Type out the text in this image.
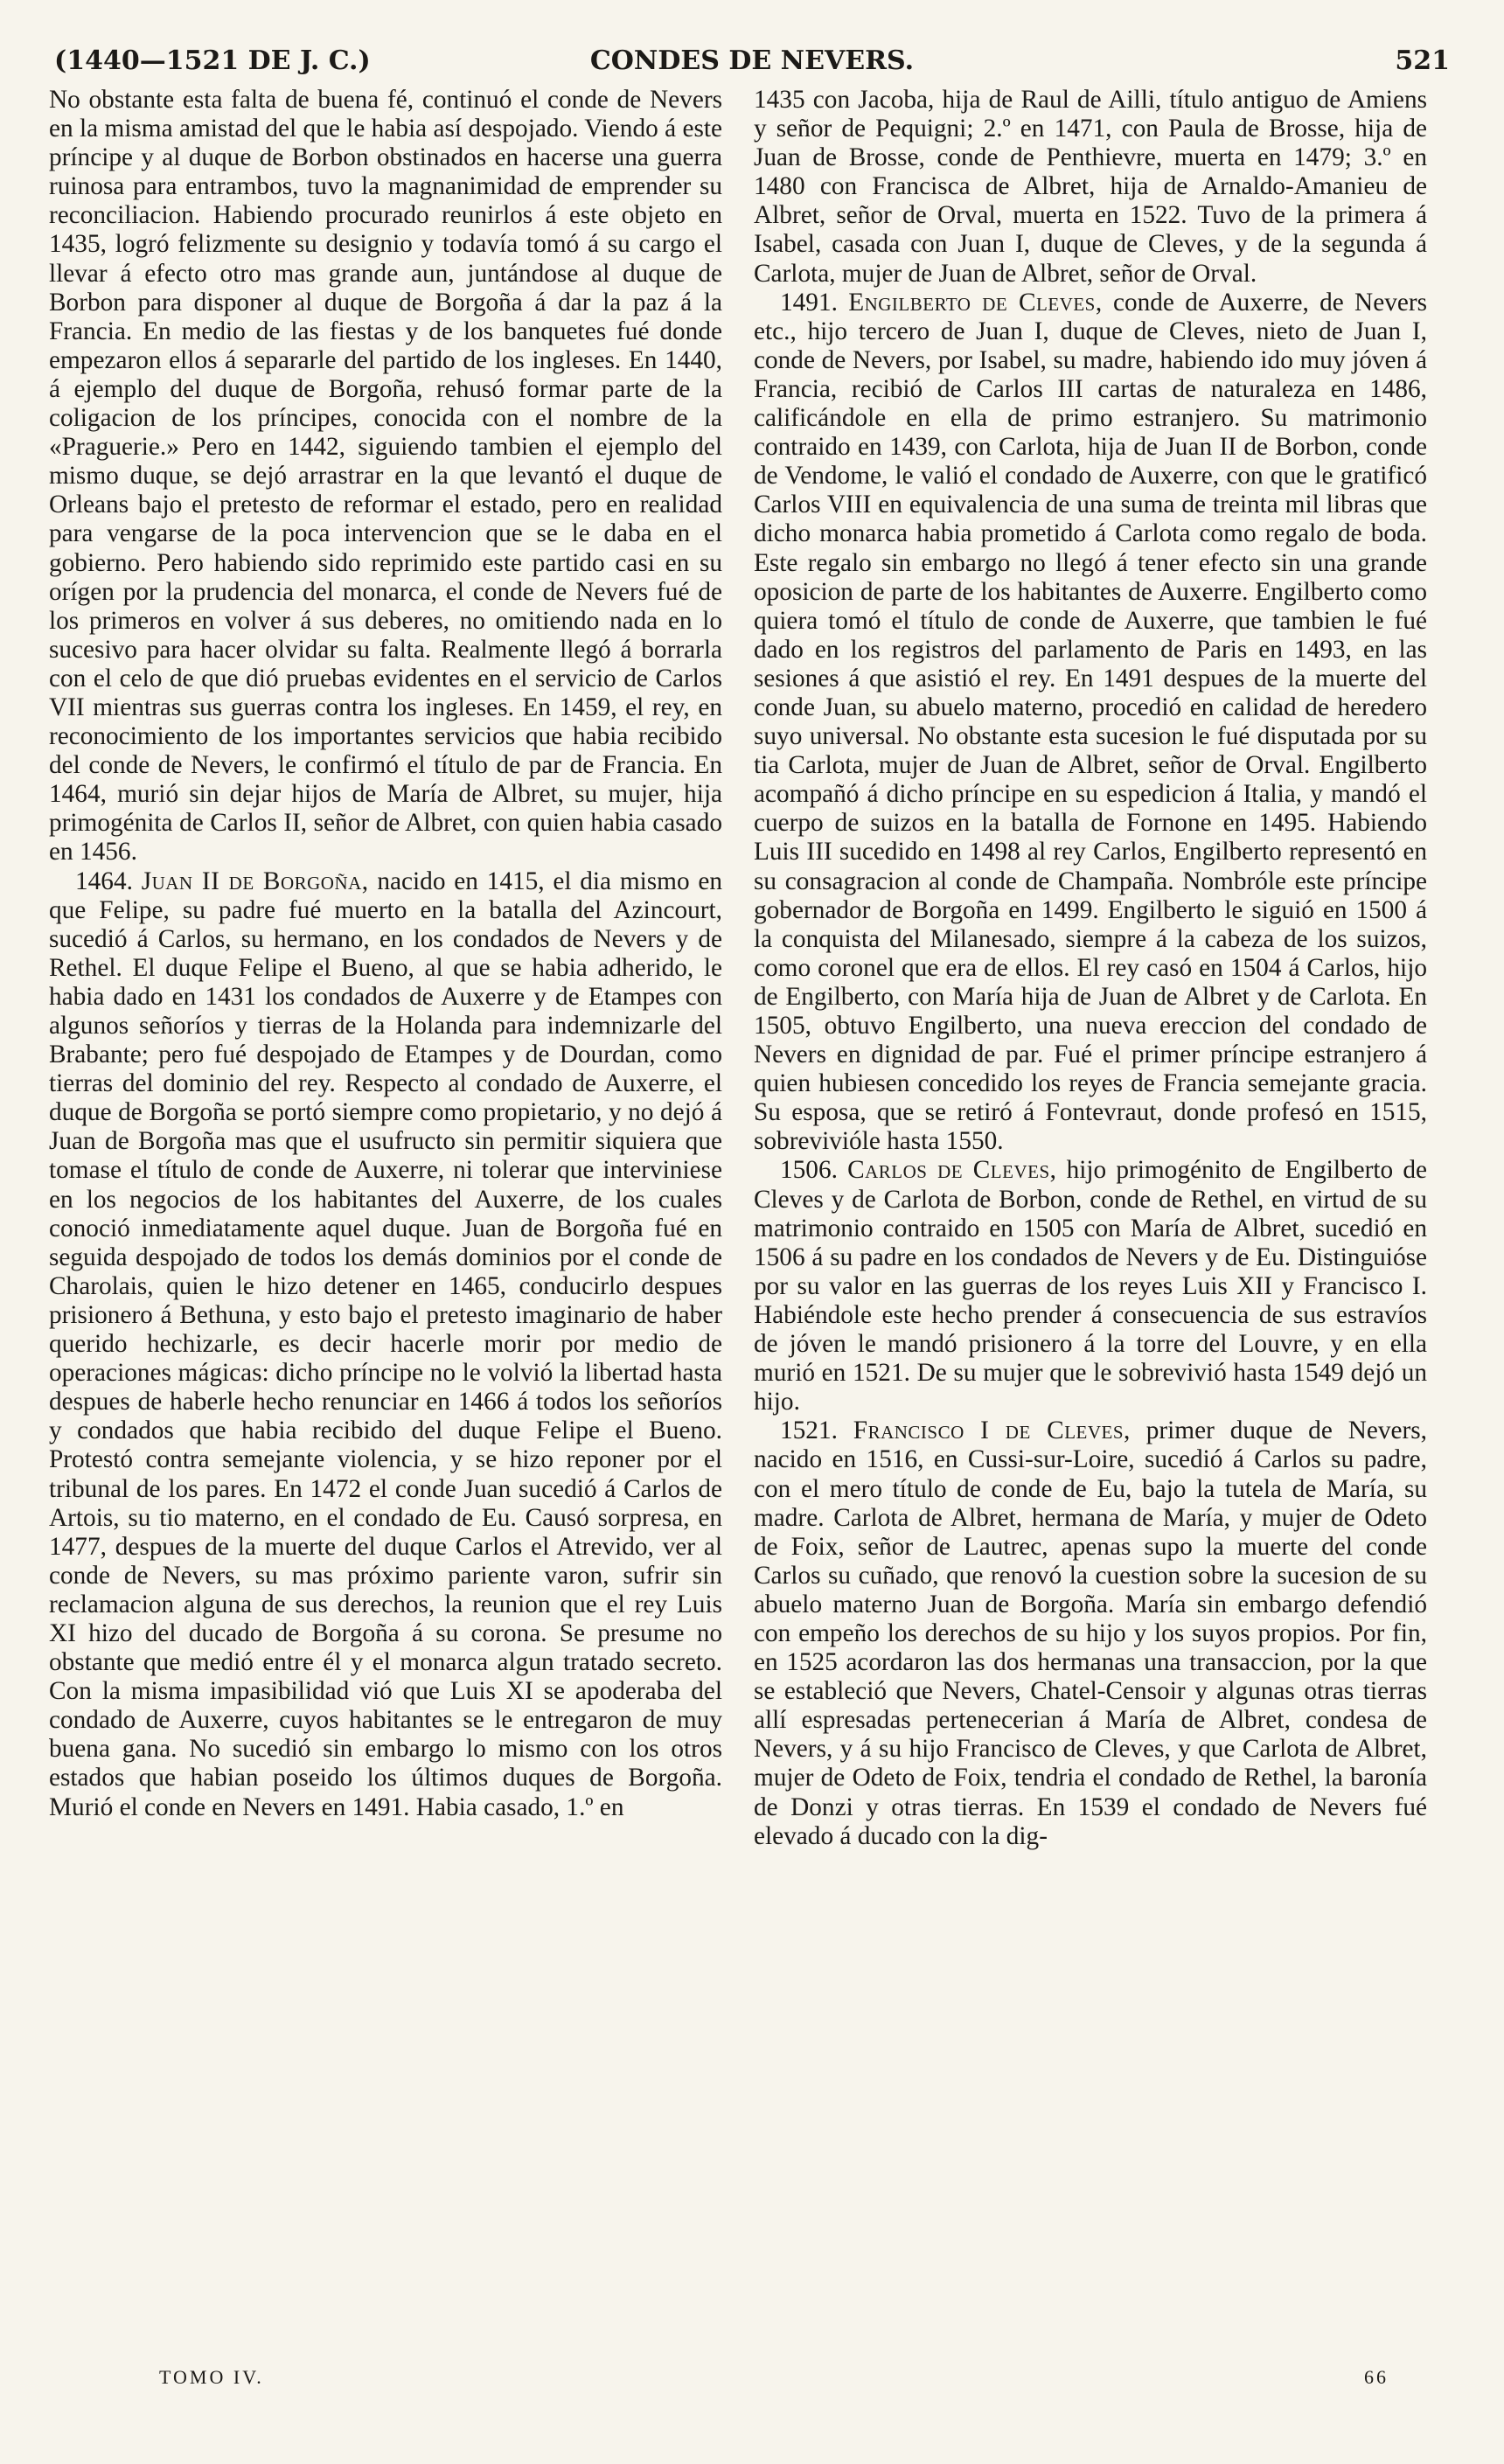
(1440—1521 DE J. C.)	CONDES DE NEVERS.	521

No obstante esta falta de buena fé, continuó el conde de Nevers en la misma amistad del que le habia así despojado. Viendo á este príncipe y al duque de Borbon obstinados en hacerse una guerra ruinosa para entrambos, tuvo la magnanimidad de emprender su reconciliacion. Habiendo procurado reunirlos á este objeto en 1435, logró felizmente su designio y todavía tomó á su cargo el llevar á efecto otro mas grande aun, juntándose al duque de Borbon para disponer al duque de Borgoña á dar la paz á la Francia. En medio de las fiestas y de los banquetes fué donde empezaron ellos á separarle del partido de los ingleses. En 1440, á ejemplo del duque de Borgoña, rehusó formar parte de la coligacion de los príncipes, conocida con el nombre de la «Praguerie.» Pero en 1442, siguiendo tambien el ejemplo del mismo duque, se dejó arrastrar en la que levantó el duque de Orleans bajo el pretesto de reformar el estado, pero en realidad para vengarse de la poca intervencion que se le daba en el gobierno. Pero habiendo sido reprimido este partido casi en su orígen por la prudencia del monarca, el conde de Nevers fué de los primeros en volver á sus deberes, no omitiendo nada en lo sucesivo para hacer olvidar su falta. Realmente llegó á borrarla con el celo de que dió pruebas evidentes en el servicio de Carlos VII mientras sus guerras contra los ingleses. En 1459, el rey, en reconocimiento de los importantes servicios que habia recibido del conde de Nevers, le confirmó el título de par de Francia. En 1464, murió sin dejar hijos de María de Albret, su mujer, hija primogénita de Carlos II, señor de Albret, con quien habia casado en 1456.

1464. Juan II de Borgoña, nacido en 1415, el dia mismo en que Felipe, su padre fué muerto en la batalla del Azincourt, sucedió á Carlos, su hermano, en los condados de Nevers y de Rethel. El duque Felipe el Bueno, al que se habia adherido, le habia dado en 1431 los condados de Auxerre y de Etampes con algunos señoríos y tierras de la Holanda para indemnizarle del Brabante; pero fué despojado de Etampes y de Dourdan, como tierras del dominio del rey. Respecto al condado de Auxerre, el duque de Borgoña se portó siempre como propietario, y no dejó á Juan de Borgoña mas que el usufructo sin permitir siquiera que tomase el título de conde de Auxerre, ni tolerar que interviniese en los negocios de los habitantes del Auxerre, de los cuales conoció inmediatamente aquel duque. Juan de Borgoña fué en seguida despojado de todos los demás dominios por el conde de Charolais, quien le hizo detener en 1465, conducirlo despues prisionero á Bethuna, y esto bajo el pretesto imaginario de haber querido hechizarle, es decir hacerle morir por medio de operaciones mágicas: dicho príncipe no le volvió la libertad hasta despues de haberle hecho renunciar en 1466 á todos los señoríos y condados que habia recibido del duque Felipe el Bueno. Protestó contra semejante violencia, y se hizo reponer por el tribunal de los pares. En 1472 el conde Juan sucedió á Carlos de Artois, su tio materno, en el condado de Eu. Causó sorpresa, en 1477, despues de la muerte del duque Carlos el Atrevido, ver al conde de Nevers, su mas próximo pariente varon, sufrir sin reclamacion alguna de sus derechos, la reunion que el rey Luis XI hizo del ducado de Borgoña á su corona. Se presume no obstante que medió entre él y el monarca algun tratado secreto. Con la misma impasibilidad vió que Luis XI se apoderaba del condado de Auxerre, cuyos habitantes se le entregaron de muy buena gana. No sucedió sin embargo lo mismo con los otros estados que habian poseido los últimos duques de Borgoña. Murió el conde en Nevers en 1491. Habia casado, 1.º en

1435 con Jacoba, hija de Raul de Ailli, título antiguo de Amiens y señor de Pequigni; 2.º en 1471, con Paula de Brosse, hija de Juan de Brosse, conde de Penthievre, muerta en 1479; 3.º en 1480 con Francisca de Albret, hija de Arnaldo-Amanieu de Albret, señor de Orval, muerta en 1522. Tuvo de la primera á Isabel, casada con Juan I, duque de Cleves, y de la segunda á Carlota, mujer de Juan de Albret, señor de Orval.

1491. Engilberto de Cleves, conde de Auxerre, de Nevers etc., hijo tercero de Juan I, duque de Cleves, nieto de Juan I, conde de Nevers, por Isabel, su madre, habiendo ido muy jóven á Francia, recibió de Carlos III cartas de naturaleza en 1486, calificándole en ella de primo estranjero. Su matrimonio contraido en 1439, con Carlota, hija de Juan II de Borbon, conde de Vendome, le valió el condado de Auxerre, con que le gratificó Carlos VIII en equivalencia de una suma de treinta mil libras que dicho monarca habia prometido á Carlota como regalo de boda. Este regalo sin embargo no llegó á tener efecto sin una grande oposicion de parte de los habitantes de Auxerre. Engilberto como quiera tomó el título de conde de Auxerre, que tambien le fué dado en los registros del parlamento de Paris en 1493, en las sesiones á que asistió el rey. En 1491 despues de la muerte del conde Juan, su abuelo materno, procedió en calidad de heredero suyo universal. No obstante esta sucesion le fué disputada por su tia Carlota, mujer de Juan de Albret, señor de Orval. Engilberto acompañó á dicho príncipe en su espedicion á Italia, y mandó el cuerpo de suizos en la batalla de Fornone en 1495. Habiendo Luis III sucedido en 1498 al rey Carlos, Engilberto representó en su consagracion al conde de Champaña. Nombróle este príncipe gobernador de Borgoña en 1499. Engilberto le siguió en 1500 á la conquista del Milanesado, siempre á la cabeza de los suizos, como coronel que era de ellos. El rey casó en 1504 á Carlos, hijo de Engilberto, con María hija de Juan de Albret y de Carlota. En 1505, obtuvo Engilberto, una nueva ereccion del condado de Nevers en dignidad de par. Fué el primer príncipe estranjero á quien hubiesen concedido los reyes de Francia semejante gracia. Su esposa, que se retiró á Fontevraut, donde profesó en 1515, sobrevivióle hasta 1550.

1506. Carlos de Cleves, hijo primogénito de Engilberto de Cleves y de Carlota de Borbon, conde de Rethel, en virtud de su matrimonio contraido en 1505 con María de Albret, sucedió en 1506 á su padre en los condados de Nevers y de Eu. Distinguióse por su valor en las guerras de los reyes Luis XII y Francisco I. Habiéndole este hecho prender á consecuencia de sus estravíos de jóven le mandó prisionero á la torre del Louvre, y en ella murió en 1521. De su mujer que le sobrevivió hasta 1549 dejó un hijo.

1521. Francisco I de Cleves, primer duque de Nevers, nacido en 1516, en Cussi-sur-Loire, sucedió á Carlos su padre, con el mero título de conde de Eu, bajo la tutela de María, su madre. Carlota de Albret, hermana de María, y mujer de Odeto de Foix, señor de Lautrec, apenas supo la muerte del conde Carlos su cuñado, que renovó la cuestion sobre la sucesion de su abuelo materno Juan de Borgoña. María sin embargo defendió con empeño los derechos de su hijo y los suyos propios. Por fin, en 1525 acordaron las dos hermanas una transaccion, por la que se estableció que Nevers, Chatel-Censoir y algunas otras tierras allí espresadas pertenecerian á María de Albret, condesa de Nevers, y á su hijo Francisco de Cleves, y que Carlota de Albret, mujer de Odeto de Foix, tendria el condado de Rethel, la baronía de Donzi y otras tierras. En 1539 el condado de Nevers fué elevado á ducado con la dig-

TOMO IV.	66
